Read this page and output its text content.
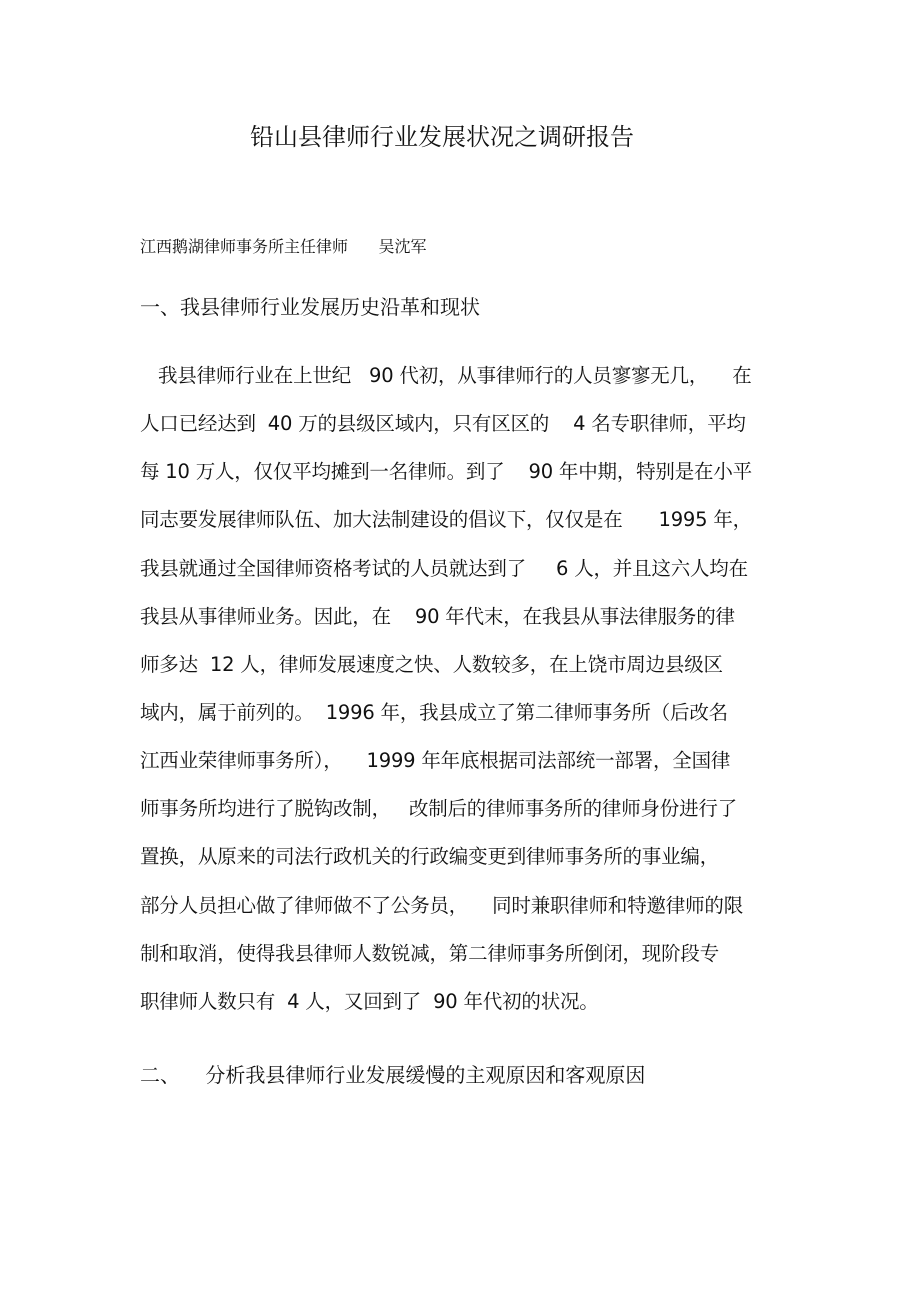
铅山县律师行业发展状况之调研报告
江西鹅湖律师事务所主任律师      吴沈军
一、我县律师行业发展历史沿革和现状
我县律师行业在上世纪   90 代初，从事律师行的人员寥寥无几，    在
人口已经达到  40 万的县级区域内，只有区区的    4 名专职律师，平均
每 10 万人，仅仅平均摊到一名律师。到了    90 年中期，特别是在小平
同志要发展律师队伍、加大法制建设的倡议下，仅仅是在      1995 年，
我县就通过全国律师资格考试的人员就达到了     6 人，并且这六人均在
我县从事律师业务。因此，在    90 年代末，在我县从事法律服务的律
师多达  12 人，律师发展速度之快、人数较多，在上饶市周边县级区
域内，属于前列的。  1996 年，我县成立了第二律师事务所（后改名
江西业荣律师事务所），    1999 年年底根据司法部统一部署，全国律
师事务所均进行了脱钩改制，   改制后的律师事务所的律师身份进行了
置换，从原来的司法行政机关的行政编变更到律师事务所的事业编，
部分人员担心做了律师做不了公务员，    同时兼职律师和特邀律师的限
制和取消，使得我县律师人数锐减，第二律师事务所倒闭，现阶段专
职律师人数只有  4 人，又回到了  90 年代初的状况。
二、    分析我县律师行业发展缓慢的主观原因和客观原因
